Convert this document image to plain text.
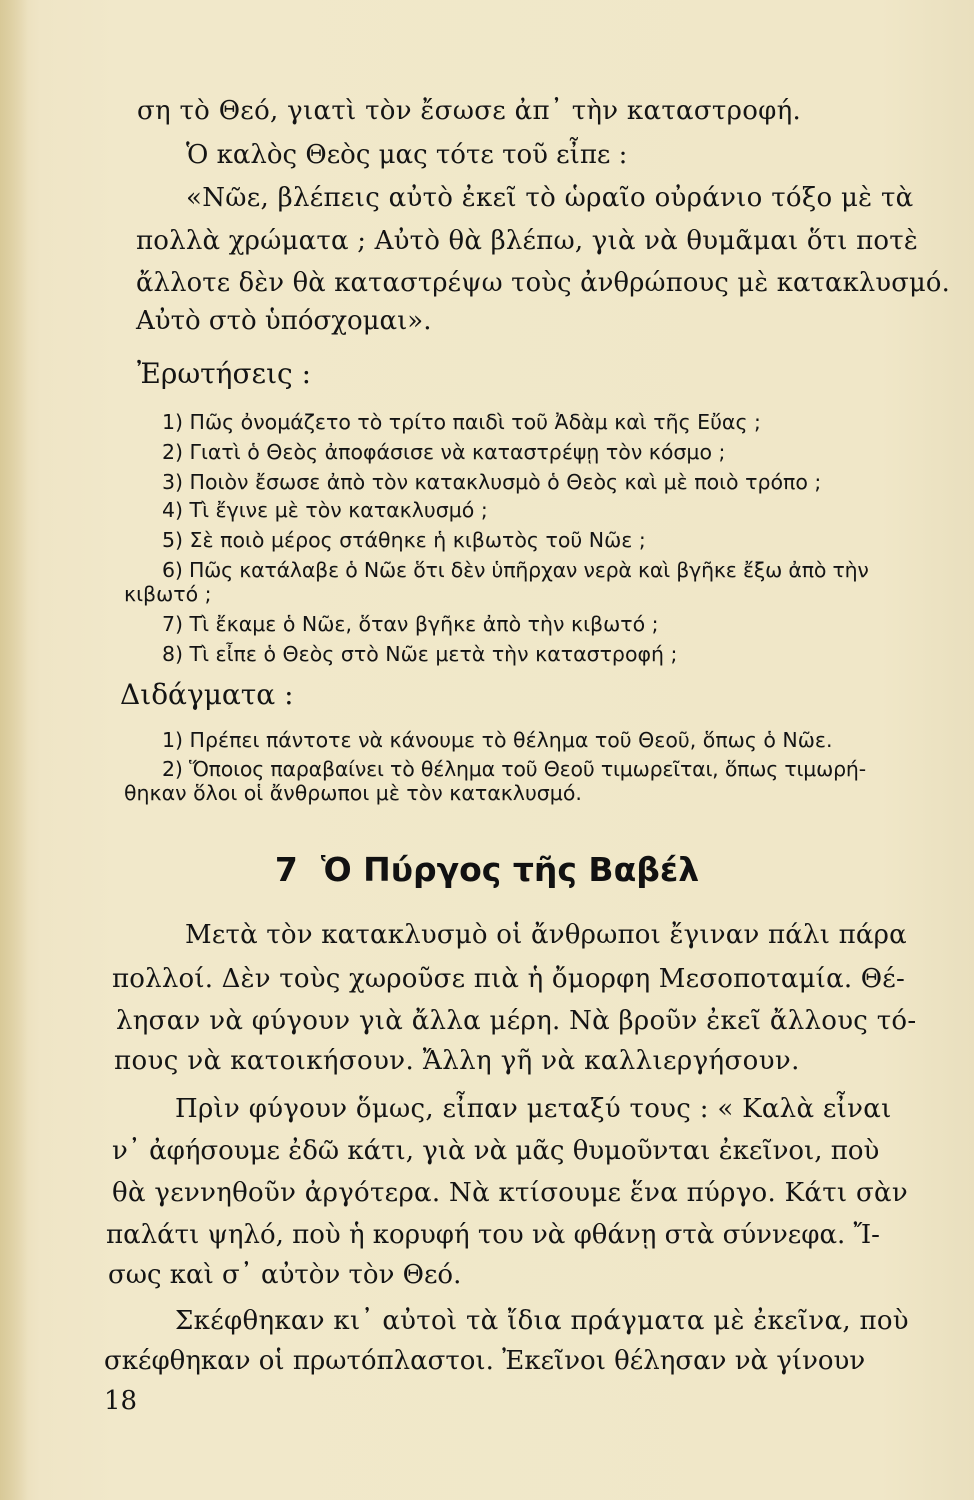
ση τὸ Θεό, γιατὶ τὸν ἔσωσε ἀπ᾽ τὴν καταστροφή.
Ὁ καλὸς Θεὸς μας τότε τοῦ εἶπε :
«Νῶε, βλέπεις αὐτὸ ἐκεῖ τὸ ὡραῖο οὐράνιο τόξο μὲ τὰ
πολλὰ χρώματα ; Αὐτὸ θὰ βλέπω, γιὰ νὰ θυμᾶμαι ὅτι ποτὲ
ἄλλοτε δὲν θὰ καταστρέψω τοὺς ἀνθρώπους μὲ κατακλυσμό.
Αὐτὸ στὸ ὑπόσχομαι».
Ἐρωτήσεις :
1) Πῶς ὀνομάζετο τὸ τρίτο παιδὶ τοῦ Ἀδὰμ καὶ τῆς Εὔας ;
2) Γιατὶ ὁ Θεὸς ἀποφάσισε νὰ καταστρέψῃ τὸν κόσμο ;
3) Ποιὸν ἔσωσε ἀπὸ τὸν κατακλυσμὸ ὁ Θεὸς καὶ μὲ ποιὸ τρόπο ;
4) Τὶ ἔγινε μὲ τὸν κατακλυσμό ;
5) Σὲ ποιὸ μέρος στάθηκε ἡ κιβωτὸς τοῦ Νῶε ;
6) Πῶς κατάλαβε ὁ Νῶε ὅτι δὲν ὑπῆρχαν νερὰ καὶ βγῆκε ἔξω ἀπὸ τὴν
κιβωτό ;
7) Τὶ ἔκαμε ὁ Νῶε, ὅταν βγῆκε ἀπὸ τὴν κιβωτό ;
8) Τὶ εἶπε ὁ Θεὸς στὸ Νῶε μετὰ τὴν καταστροφή ;
Διδάγματα :
1) Πρέπει πάντοτε νὰ κάνουμε τὸ θέλημα τοῦ Θεοῦ, ὅπως ὁ Νῶε.
2) Ὅποιος παραβαίνει τὸ θέλημα τοῦ Θεοῦ τιμωρεῖται, ὅπως τιμωρή-
θηκαν ὅλοι οἱ ἄνθρωποι μὲ τὸν κατακλυσμό.
7 Ὁ Πύργος τῆς Βαβέλ
Μετὰ τὸν κατακλυσμὸ οἱ ἄνθρωποι ἔγιναν πάλι πάρα
πολλοί. Δὲν τοὺς χωροῦσε πιὰ ἡ ὄμορφη Μεσοποταμία. Θέ-
λησαν νὰ φύγουν γιὰ ἄλλα μέρη. Νὰ βροῦν ἐκεῖ ἄλλους τό-
πους νὰ κατοικήσουν. Ἄλλη γῆ νὰ καλλιεργήσουν.
Πρὶν φύγουν ὅμως, εἶπαν μεταξύ τους : « Καλὰ εἶναι
ν᾽ ἀφήσουμε ἐδῶ κάτι, γιὰ νὰ μᾶς θυμοῦνται ἐκεῖνοι, ποὺ
θὰ γεννηθοῦν ἀργότερα. Νὰ κτίσουμε ἕνα πύργο. Κάτι σὰν
παλάτι ψηλό, ποὺ ἡ κορυφή του νὰ φθάνῃ στὰ σύννεφα. Ἴ-
σως καὶ σ᾽ αὐτὸν τὸν Θεό.
Σκέφθηκαν κι᾽ αὐτοὶ τὰ ἴδια πράγματα μὲ ἐκεῖνα, ποὺ
σκέφθηκαν οἱ πρωτόπλαστοι. Ἐκεῖνοι θέλησαν νὰ γίνουν
18
